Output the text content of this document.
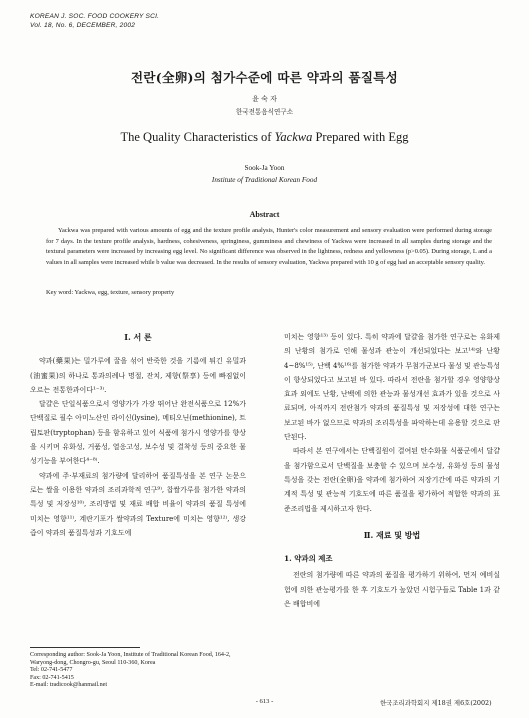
KOREAN J. SOC. FOOD COOKERY SCI.
Vol. 18, No. 6, DECEMBER, 2002
전란(全卵)의 첨가수준에 따른 약과의 품질특성
윤 숙 자
한국전통음식연구소
The Quality Characteristics of Yackwa Prepared with Egg
Sook-Ja Yoon
Institute of Traditional Korean Food
Abstract

Yackwa was prepared with various amounts of egg and the texture profile analysis, Hunter's color measurement and sensory evaluation were performed during storage for 7 days. In the texture profile analysis, hardness, cohesiveness, springiness, gumminess and chewiness of Yackwa were increased in all samples during storage and the textural parameters were increased by increasing egg level. No significant difference was observed in the lightness, redness and yellowness (p>0.05). During storage, L and a values in all samples were increased while b value was decreased. In the results of sensory evaluation, Yackwa prepared with 10 g of egg had an acceptable sensory quality.

Key word: Yackwa, egg, texture, sensory property
Ⅰ. 서 론

약과(藥果)는 밀가루에 꿀을 섞어 반죽한 것을 기름에 튀긴 유밀과(油蜜果)의 하나로 통과의례나 명절, 잔치, 제향(祭享) 등에 빠짐없이 오르는 전통한과이다¹⁻³⁾.

달걀은 단일식품으로서 영양가가 가장 뛰어난 완전식품으로 12%가 단백질로 필수 아미노산인 라이신(lysine), 메티오닌(methionine), 트립토판(tryptophan) 등을 함유하고 있어 식품에 첨가시 영양가를 향상을 시키며 유화성, 거품성, 열응고성, 보수성 및 결착성 등의 중요한 물성기능을 부여한다⁴⁻⁸⁾.

약과에 주·부재료의 첨가량에 달리하여 품질특성을 본 연구 논문으로는 쌀을 이용한 약과의 조리과학적 연구⁹⁾, 찹쌀가루를 첨가한 약과의 특성 및 저장성¹⁰⁾, 조리방법 및 재료 배합 비율이 약과의 품질 특성에 미치는 영향¹¹⁾, 계란기포가 쌀약과의 Texture에 미치는 영향¹²⁾, 생강즙이 약과의 품질특성과 기호도에

미치는 영향¹³⁾ 등이 있다. 특히 약과에 달걀을 첨가한 연구로는 유화제의 난황의 첨가로 인해 물성과 관능이 개선되었다는 보고¹⁴⁾와 난황 4~8%¹⁵⁾, 난백 4%¹⁶⁾를 첨가한 약과가 무첨가군보다 물성 및 관능특성이 향상되었다고 보고된 바 있다. 따라서 전란을 첨가할 경우 영양향상 효과 외에도 난황, 난백에 의한 관능과 물성개선 효과가 있을 것으로 사료되며, 아직까지 전란첨가 약과의 품질특성 및 저장성에 대한 연구는 보고된 바가 없으므로 약과의 조리특성을 파악하는데 유용할 것으로 판단된다.

따라서 본 연구에서는 단백질원이 결여된 탄수화물 식품군에서 달걀을 첨가함으로서 단백질을 보충할 수 있으며 보수성, 유화성 등의 물성특성을 갖는 전란(全卵)을 약과에 첨가하여 저장기간에 따른 약과의 기계적 특성 및 관능적 기호도에 따른 품질을 평가하여 적합한 약과의 표준조리법을 제시하고자 한다.

Ⅱ. 재료 및 방법
1. 약과의 제조

전란의 첨가량에 따른 약과의 품질을 평가하기 위하여, 먼저 예비실험에 의한 관능평가를 한 후 기호도가 높았던 시험구들로 Table 1과 같은 배합비에

Corresponding author: Sook-Ja Yoon, Institute of Traditional Korean Food, 164-2, Waryong-dong, Chongro-gu, Seoul 110-360, Korea
Tel: 02-741-5477
Fax: 02-741-5415
E-mail: tradicook@hanmail.net
- 613 -	한국조리과학회지 제18권 제6호(2002)
